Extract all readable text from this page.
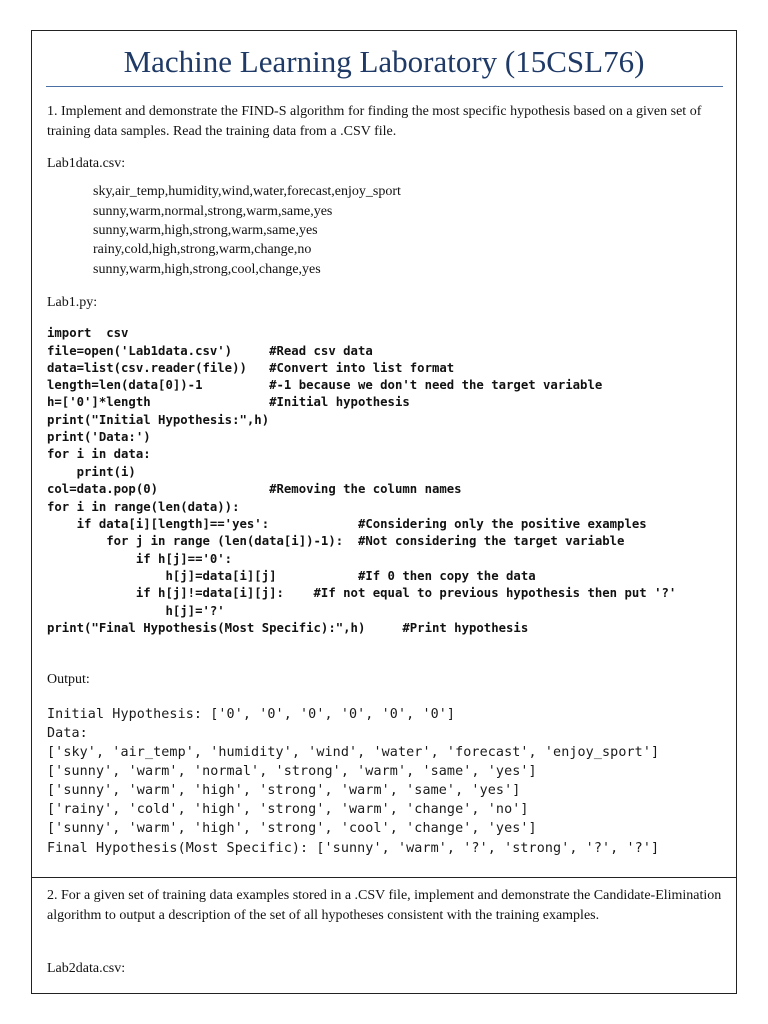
Machine Learning Laboratory (15CSL76)

1. Implement and demonstrate the FIND-S algorithm for finding the most specific hypothesis based on a given set of training data samples. Read the training data from a .CSV file.

Lab1data.csv:

sky,air_temp,humidity,wind,water,forecast,enjoy_sport

sunny,warm,normal,strong,warm,same,yes

sunny,warm,high,strong,warm,same,yes

rainy,cold,high,strong,warm,change,no

sunny,warm,high,strong,cool,change,yes

Lab1.py:

import  csv

file=open('Lab1data.csv')     #Read csv data

data=list(csv.reader(file))   #Convert into list format

length=len(data[0])-1         #-1 because we don't need the target variable

h=['0']*length                #Initial hypothesis

print("Initial Hypothesis:",h)

print('Data:')

for i in data:

print(i)

col=data.pop(0)               #Removing the column names

for i in range(len(data)):

if data[i][length]=='yes':            #Considering only the positive examples

for j in range (len(data[i])-1):  #Not considering the target variable

if h[j]=='0':

h[j]=data[i][j]           #If 0 then copy the data

if h[j]!=data[i][j]:    #If not equal to previous hypothesis then put '?'

h[j]='?'

print("Final Hypothesis(Most Specific):",h)     #Print hypothesis

Output:

Initial Hypothesis: ['0', '0', '0', '0', '0', '0']

Data:

['sky', 'air_temp', 'humidity', 'wind', 'water', 'forecast', 'enjoy_sport']

['sunny', 'warm', 'normal', 'strong', 'warm', 'same', 'yes']

['sunny', 'warm', 'high', 'strong', 'warm', 'same', 'yes']

['rainy', 'cold', 'high', 'strong', 'warm', 'change', 'no']

['sunny', 'warm', 'high', 'strong', 'cool', 'change', 'yes']

Final Hypothesis(Most Specific): ['sunny', 'warm', '?', 'strong', '?', '?']

2. For a given set of training data examples stored in a .CSV file, implement and demonstrate the Candidate-Elimination algorithm to output a description of the set of all hypotheses consistent with the training examples.

Lab2data.csv:
